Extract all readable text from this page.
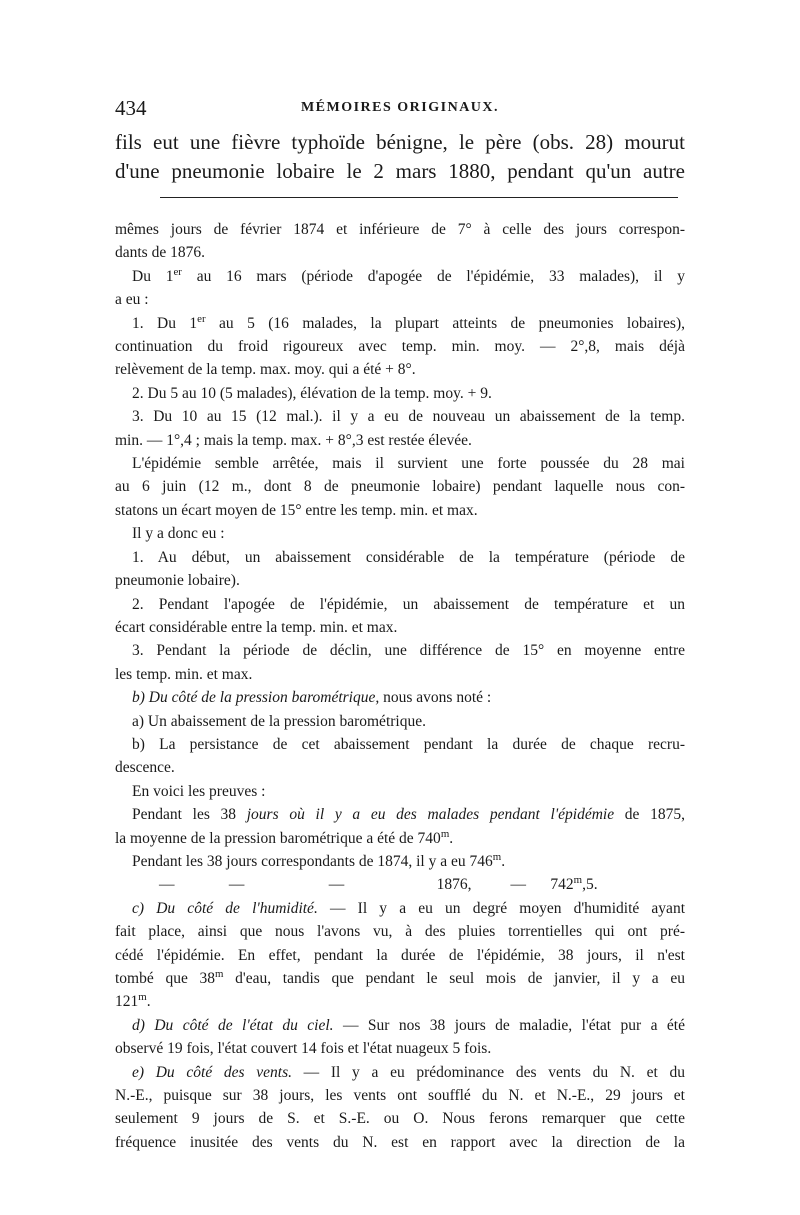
434	MÉMOIRES ORIGINAUX.
fils eut une fièvre typhoïde bénigne, le père (obs. 28) mourut
d'une pneumonie lobaire le 2 mars 1880, pendant qu'un autre
mêmes jours de février 1874 et inférieure de 7° à celle des jours correspon-
dants de 1876.
Du 1er au 16 mars (période d'apogée de l'épidémie, 33 malades), il y
a eu :
1. Du 1er au 5 (16 malades, la plupart atteints de pneumonies lobaires),
continuation du froid rigoureux avec temp. min. moy. — 2°,8, mais déjà
relèvement de la temp. max. moy. qui a été + 8°.
2. Du 5 au 10 (5 malades), élévation de la temp. moy. + 9.
3. Du 10 au 15 (12 mal.). il y a eu de nouveau un abaissement de la temp.
min. — 1°,4 ; mais la temp. max. + 8°,3 est restée élevée.
L'épidémie semble arrêtée, mais il survient une forte poussée du 28 mai
au 6 juin (12 m., dont 8 de pneumonie lobaire) pendant laquelle nous con-
statons un écart moyen de 15° entre les temp. min. et max.
Il y a donc eu :
1. Au début, un abaissement considérable de la température (période de
pneumonie lobaire).
2. Pendant l'apogée de l'épidémie, un abaissement de température et un
écart considérable entre la temp. min. et max.
3. Pendant la période de déclin, une différence de 15° en moyenne entre
les temp. min. et max.
b) Du côté de la pression barométrique, nous avons noté :
a) Un abaissement de la pression barométrique.
b) La persistance de cet abaissement pendant la durée de chaque recru-
descence.
En voici les preuves :
Pendant les 38 jours où il y a eu des malades pendant l'épidémie de 1875,
la moyenne de la pression barométrique a été de 740$^m$.
Pendant les 38 jours correspondants de 1874, il y a eu 746$^m$.
—	—	—	1876,	— 742$^m$,5.
c) Du côté de l'humidité. — Il y a eu un degré moyen d'humidité ayant
fait place, ainsi que nous l'avons vu, à des pluies torrentielles qui ont pré-
cédé l'épidémie. En effet, pendant la durée de l'épidémie, 38 jours, il n'est
tombé que 38$^m$ d'eau, tandis que pendant le seul mois de janvier, il y a eu
121$^m$.
d) Du côté de l'état du ciel. — Sur nos 38 jours de maladie, l'état pur a été
observé 19 fois, l'état couvert 14 fois et l'état nuageux 5 fois.
e) Du côté des vents. — Il y a eu prédominance des vents du N. et du
N.-E., puisque sur 38 jours, les vents ont soufflé du N. et N.-E., 29 jours et
seulement 9 jours de S. et S.-E. ou O. Nous ferons remarquer que cette
fréquence inusitée des vents du N. est en rapport avec la direction de la
